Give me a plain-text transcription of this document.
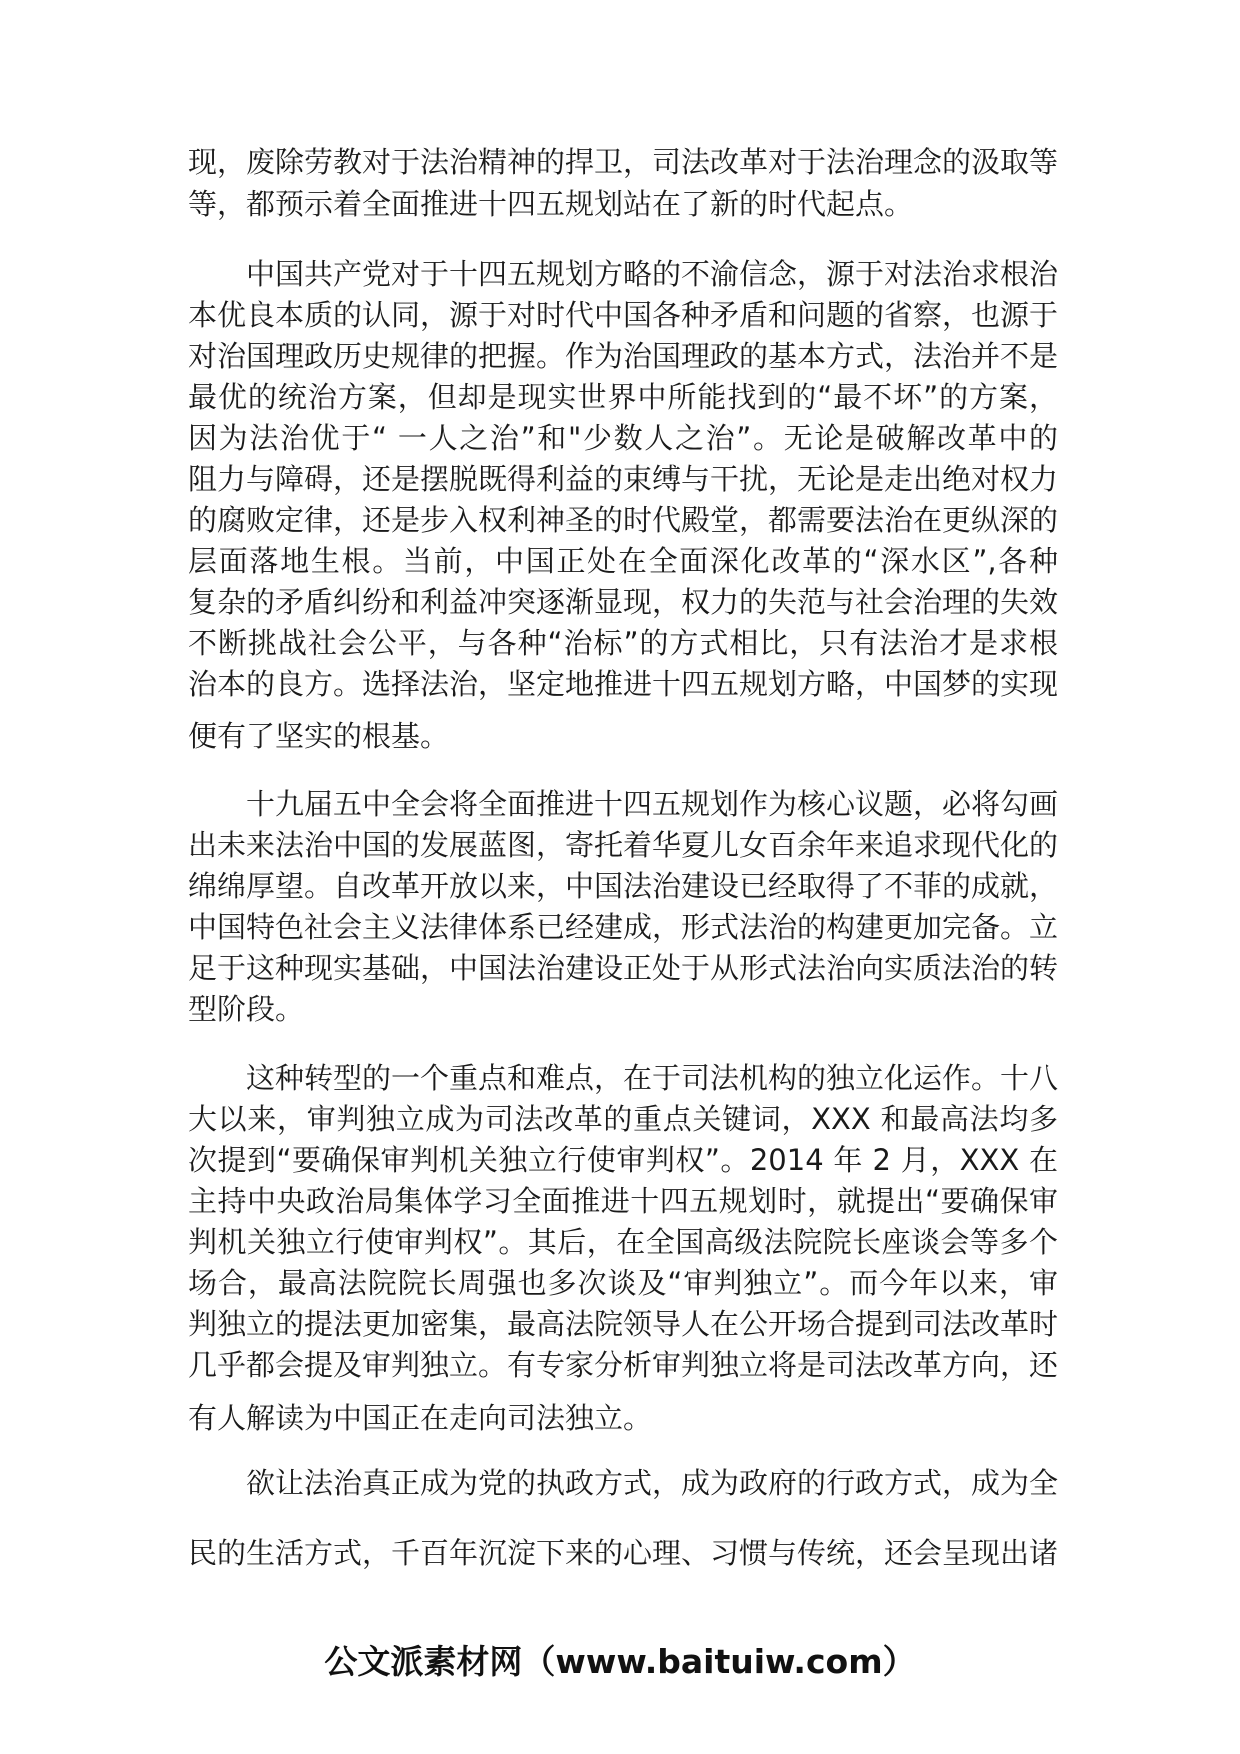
现，废除劳教对于法治精神的捍卫，司法改革对于法治理念的汲取等
等，都预示着全面推进十四五规划站在了新的时代起点。
中国共产党对于十四五规划方略的不渝信念，源于对法治求根治
本优良本质的认同，源于对时代中国各种矛盾和问题的省察，也源于
对治国理政历史规律的把握。作为治国理政的基本方式，法治并不是
最优的统治方案，但却是现实世界中所能找到的“最不坏”的方案，
因为法治优于“ 一人之治”和"少数人之治”。无论是破解改革中的
阻力与障碍，还是摆脱既得利益的束缚与干扰，无论是走出绝对权力
的腐败定律，还是步入权利神圣的时代殿堂，都需要法治在更纵深的
层面落地生根。当前，中国正处在全面深化改革的“深水区”,各种
复杂的矛盾纠纷和利益冲突逐渐显现，权力的失范与社会治理的失效
不断挑战社会公平，与各种“治标”的方式相比，只有法治才是求根
治本的良方。选择法治，坚定地推进十四五规划方略，中国梦的实现
便有了坚实的根基。
十九届五中全会将全面推进十四五规划作为核心议题，必将勾画
出未来法治中国的发展蓝图，寄托着华夏儿女百余年来追求现代化的
绵绵厚望。自改革开放以来，中国法治建设已经取得了不菲的成就，
中国特色社会主义法律体系已经建成，形式法治的构建更加完备。立
足于这种现实基础，中国法治建设正处于从形式法治向实质法治的转
型阶段。
这种转型的一个重点和难点，在于司法机构的独立化运作。十八
大以来，审判独立成为司法改革的重点关键词，XXX 和最高法均多
次提到“要确保审判机关独立行使审判权”。2014 年 2 月，XXX 在
主持中央政治局集体学习全面推进十四五规划时，就提出“要确保审
判机关独立行使审判权”。其后，在全国高级法院院长座谈会等多个
场合，最高法院院长周强也多次谈及“审判独立”。而今年以来，审
判独立的提法更加密集，最高法院领导人在公开场合提到司法改革时
几乎都会提及审判独立。有专家分析审判独立将是司法改革方向，还
有人解读为中国正在走向司法独立。
欲让法治真正成为党的执政方式，成为政府的行政方式，成为全
民的生活方式，千百年沉淀下来的心理、习惯与传统，还会呈现出诸
公文派素材网（www.baituiw.com）
